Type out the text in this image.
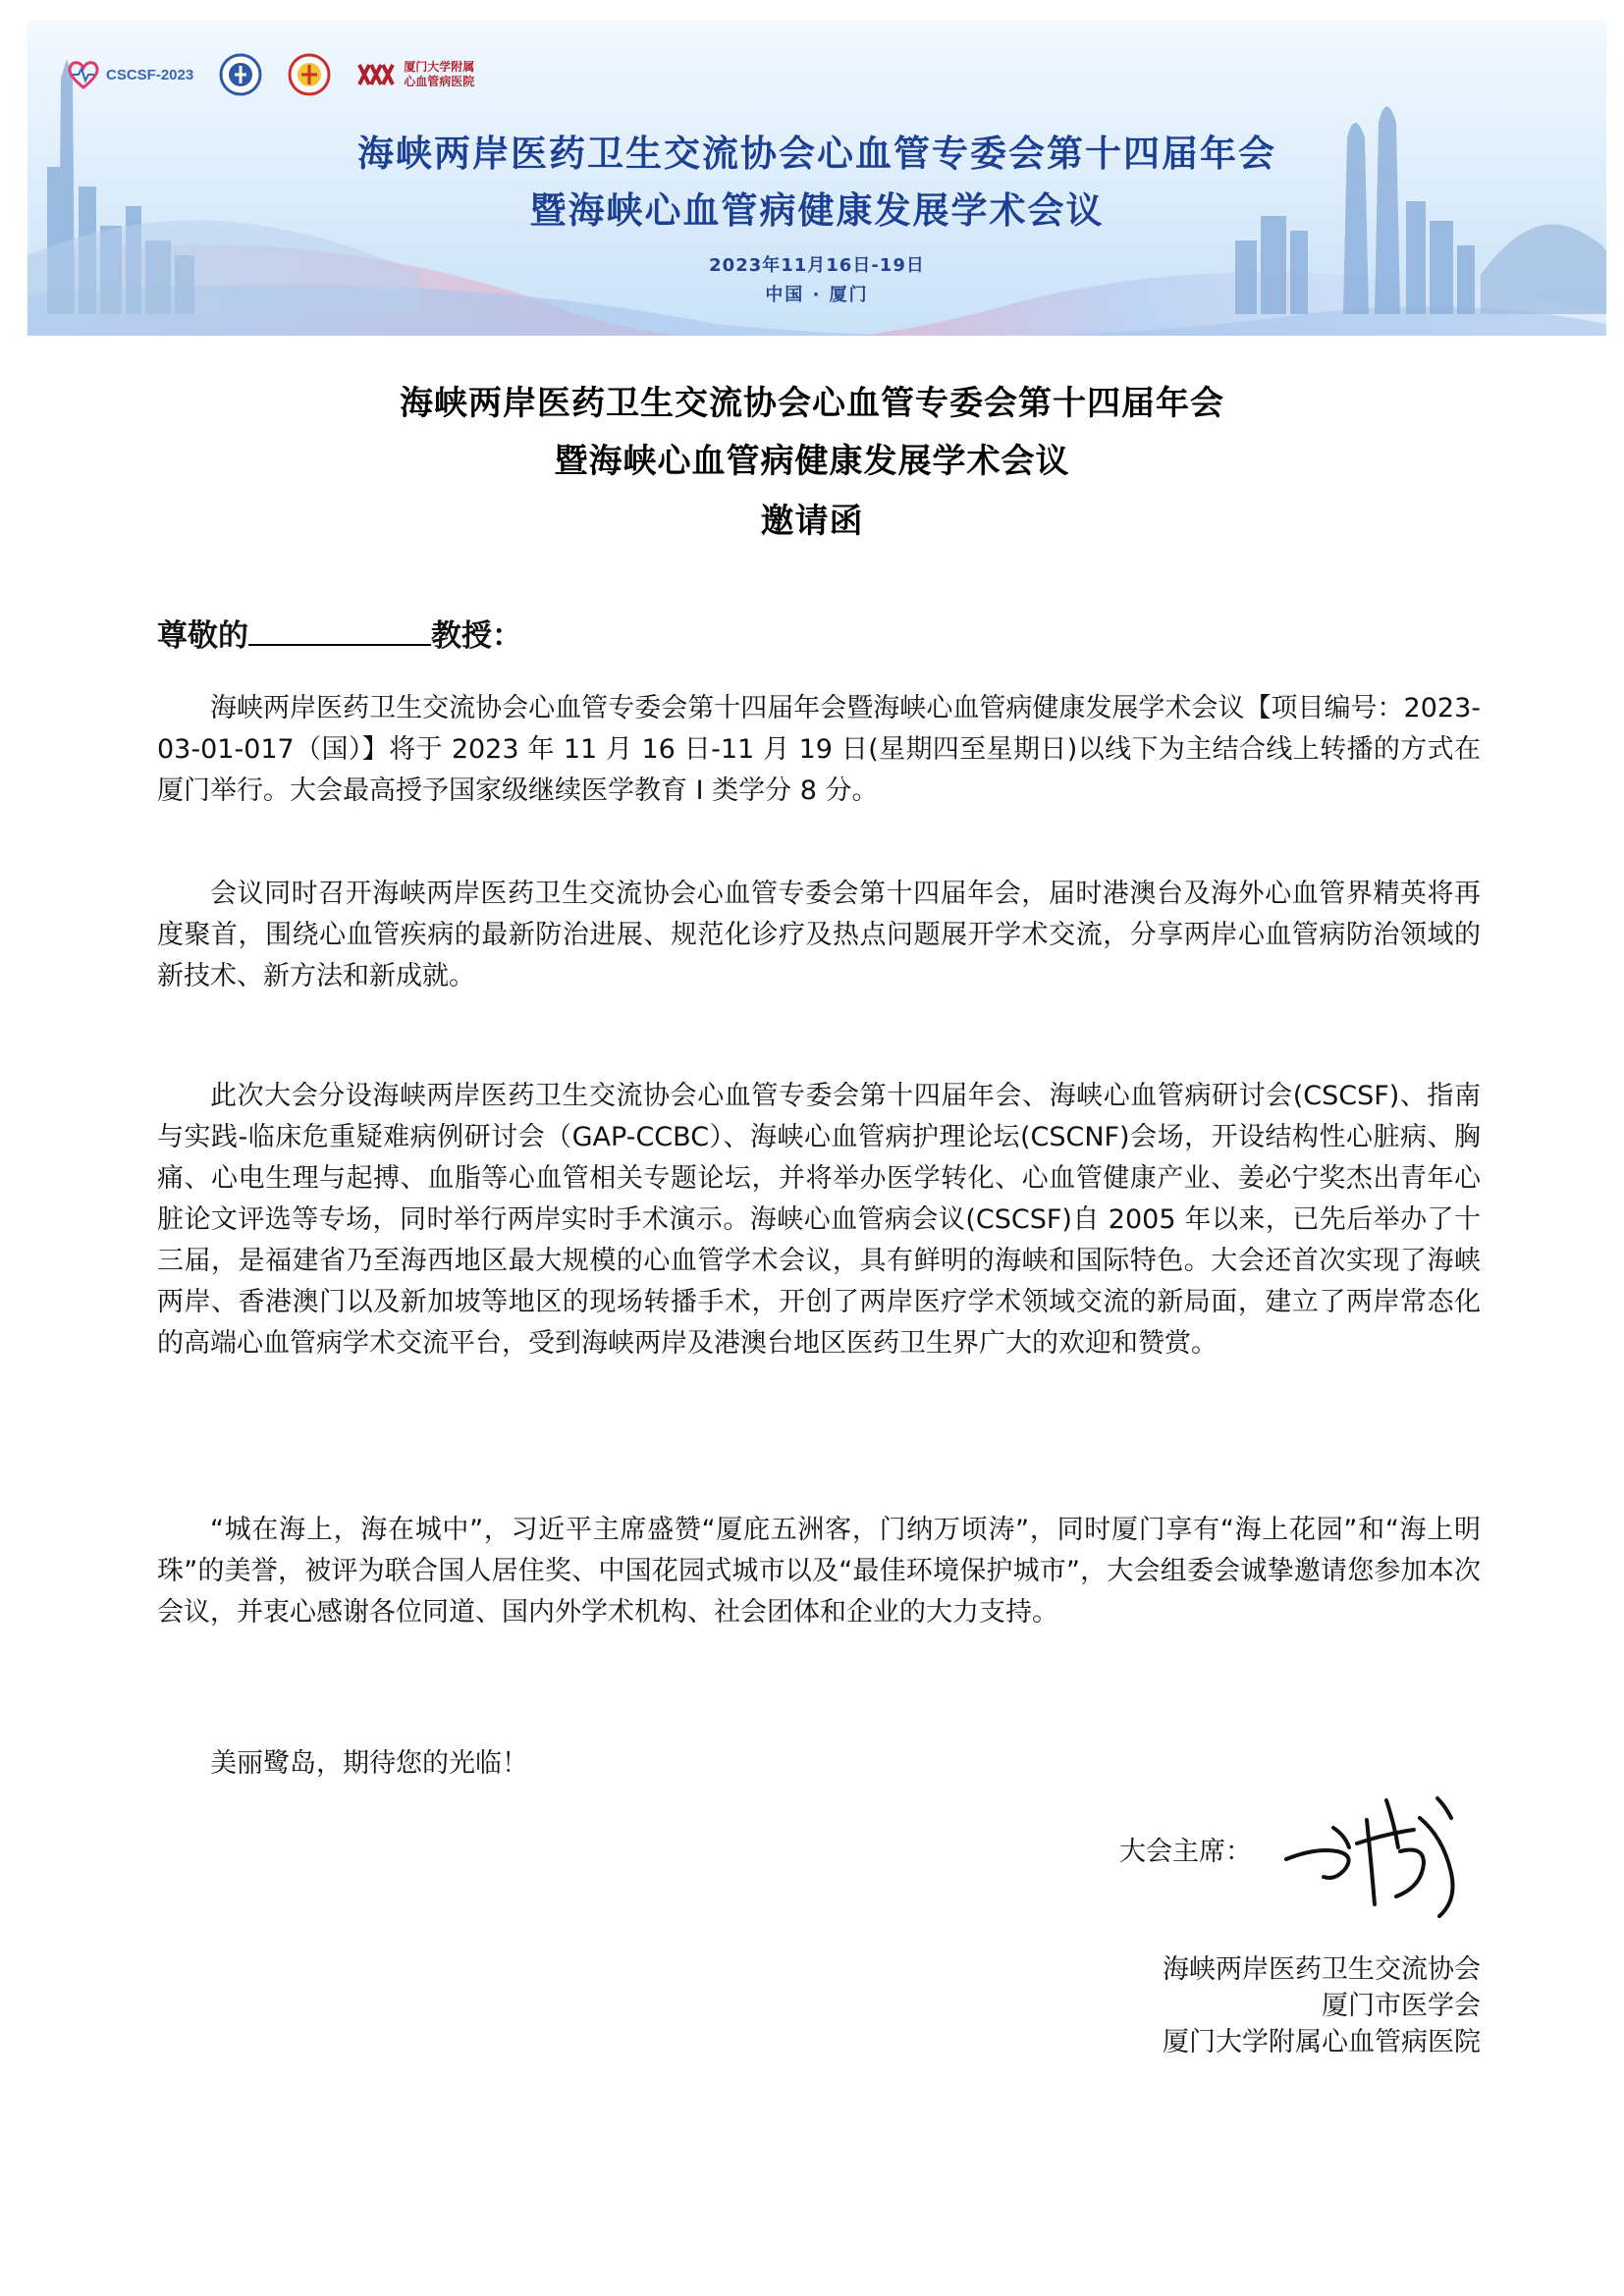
CSCSF-2023	厦门大学附属
心血管病医院
海峡两岸医药卫生交流协会心血管专委会第十四届年会
暨海峡心血管病健康发展学术会议
2023年11月16日-19日
中国 · 厦门
海峡两岸医药卫生交流协会心血管专委会第十四届年会
暨海峡心血管病健康发展学术会议
邀请函
尊敬的	教授：

海峡两岸医药卫生交流协会心血管专委会第十四届年会暨海峡心血管病健康发展学术会议【项目编号：2023-03-01-017（国）】将于 2023 年 11 月 16 日-11 月 19 日(星期四至星期日)以线下为主结合线上转播的方式在厦门举行。大会最高授予国家级继续医学教育 I 类学分 8 分。

会议同时召开海峡两岸医药卫生交流协会心血管专委会第十四届年会，届时港澳台及海外心血管界精英将再度聚首，围绕心血管疾病的最新防治进展、规范化诊疗及热点问题展开学术交流，分享两岸心血管病防治领域的新技术、新方法和新成就。

此次大会分设海峡两岸医药卫生交流协会心血管专委会第十四届年会、海峡心血管病研讨会(CSCSF)、指南与实践-临床危重疑难病例研讨会（GAP-CCBC）、海峡心血管病护理论坛(CSCNF)会场，开设结构性心脏病、胸痛、心电生理与起搏、血脂等心血管相关专题论坛，并将举办医学转化、心血管健康产业、姜必宁奖杰出青年心脏论文评选等专场，同时举行两岸实时手术演示。海峡心血管病会议(CSCSF)自 2005 年以来，已先后举办了十三届，是福建省乃至海西地区最大规模的心血管学术会议，具有鲜明的海峡和国际特色。大会还首次实现了海峡两岸、香港澳门以及新加坡等地区的现场转播手术，开创了两岸医疗学术领域交流的新局面，建立了两岸常态化的高端心血管病学术交流平台，受到海峡两岸及港澳台地区医药卫生界广大的欢迎和赞赏。

“城在海上，海在城中”，习近平主席盛赞“厦庇五洲客，门纳万顷涛”，同时厦门享有“海上花园”和“海上明珠”的美誉，被评为联合国人居住奖、中国花园式城市以及“最佳环境保护城市”，大会组委会诚挚邀请您参加本次会议，并衷心感谢各位同道、国内外学术机构、社会团体和企业的大力支持。

美丽鹭岛，期待您的光临！

大会主席：
海峡两岸医药卫生交流协会
厦门市医学会
厦门大学附属心血管病医院
